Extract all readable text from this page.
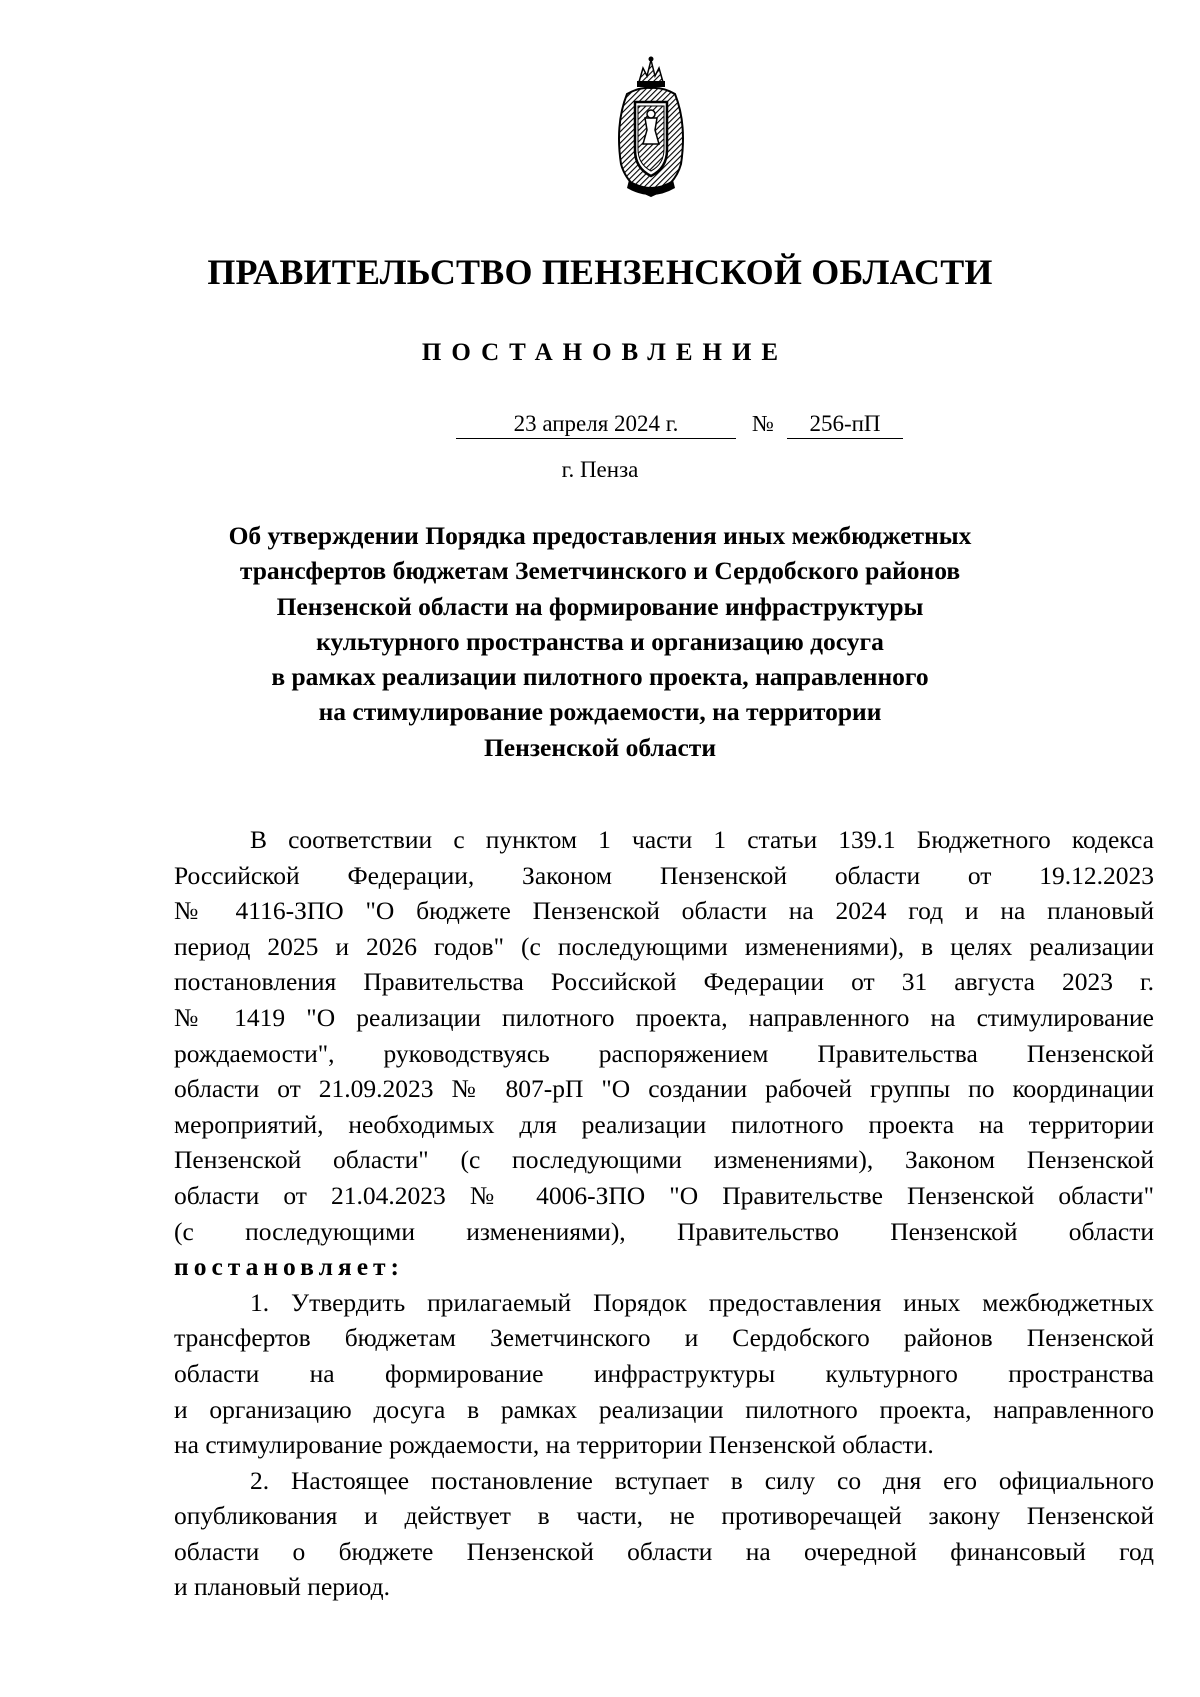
ПРАВИТЕЛЬСТВО ПЕНЗЕНСКОЙ ОБЛАСТИ
ПОСТАНОВЛЕНИЕ
23 апреля 2024 г.	№	256-пП
г. Пенза
Об утверждении Порядка предоставления иных межбюджетных
трансфертов бюджетам Земетчинского и Сердобского районов
Пензенской области на формирование инфраструктуры
культурного пространства и организацию досуга
в рамках реализации пилотного проекта, направленного
на стимулирование рождаемости, на территории
Пензенской области
В соответствии с пунктом 1 части 1 статьи 139.1 Бюджетного кодекса
Российской Федерации, Законом Пензенской области от 19.12.2023
№ 4116-ЗПО "О бюджете Пензенской области на 2024 год и на плановый
период 2025 и 2026 годов" (с последующими изменениями), в целях реализации
постановления Правительства Российской Федерации от 31 августа 2023 г.
№ 1419 "О реализации пилотного проекта, направленного на стимулирование
рождаемости", руководствуясь распоряжением Правительства Пензенской
области от 21.09.2023 № 807-рП "О создании рабочей группы по координации
мероприятий, необходимых для реализации пилотного проекта на территории
Пензенской области" (с последующими изменениями), Законом Пензенской
области от 21.04.2023 № 4006-ЗПО "О Правительстве Пензенской области"
(с последующими изменениями), Правительство Пензенской области
постановляет:
1. Утвердить прилагаемый Порядок предоставления иных межбюджетных
трансфертов бюджетам Земетчинского и Сердобского районов Пензенской
области на формирование инфраструктуры культурного пространства
и организацию досуга в рамках реализации пилотного проекта, направленного
на стимулирование рождаемости, на территории Пензенской области.
2. Настоящее постановление вступает в силу со дня его официального
опубликования и действует в части, не противоречащей закону Пензенской
области о бюджете Пензенской области на очередной финансовый год
и плановый период.
